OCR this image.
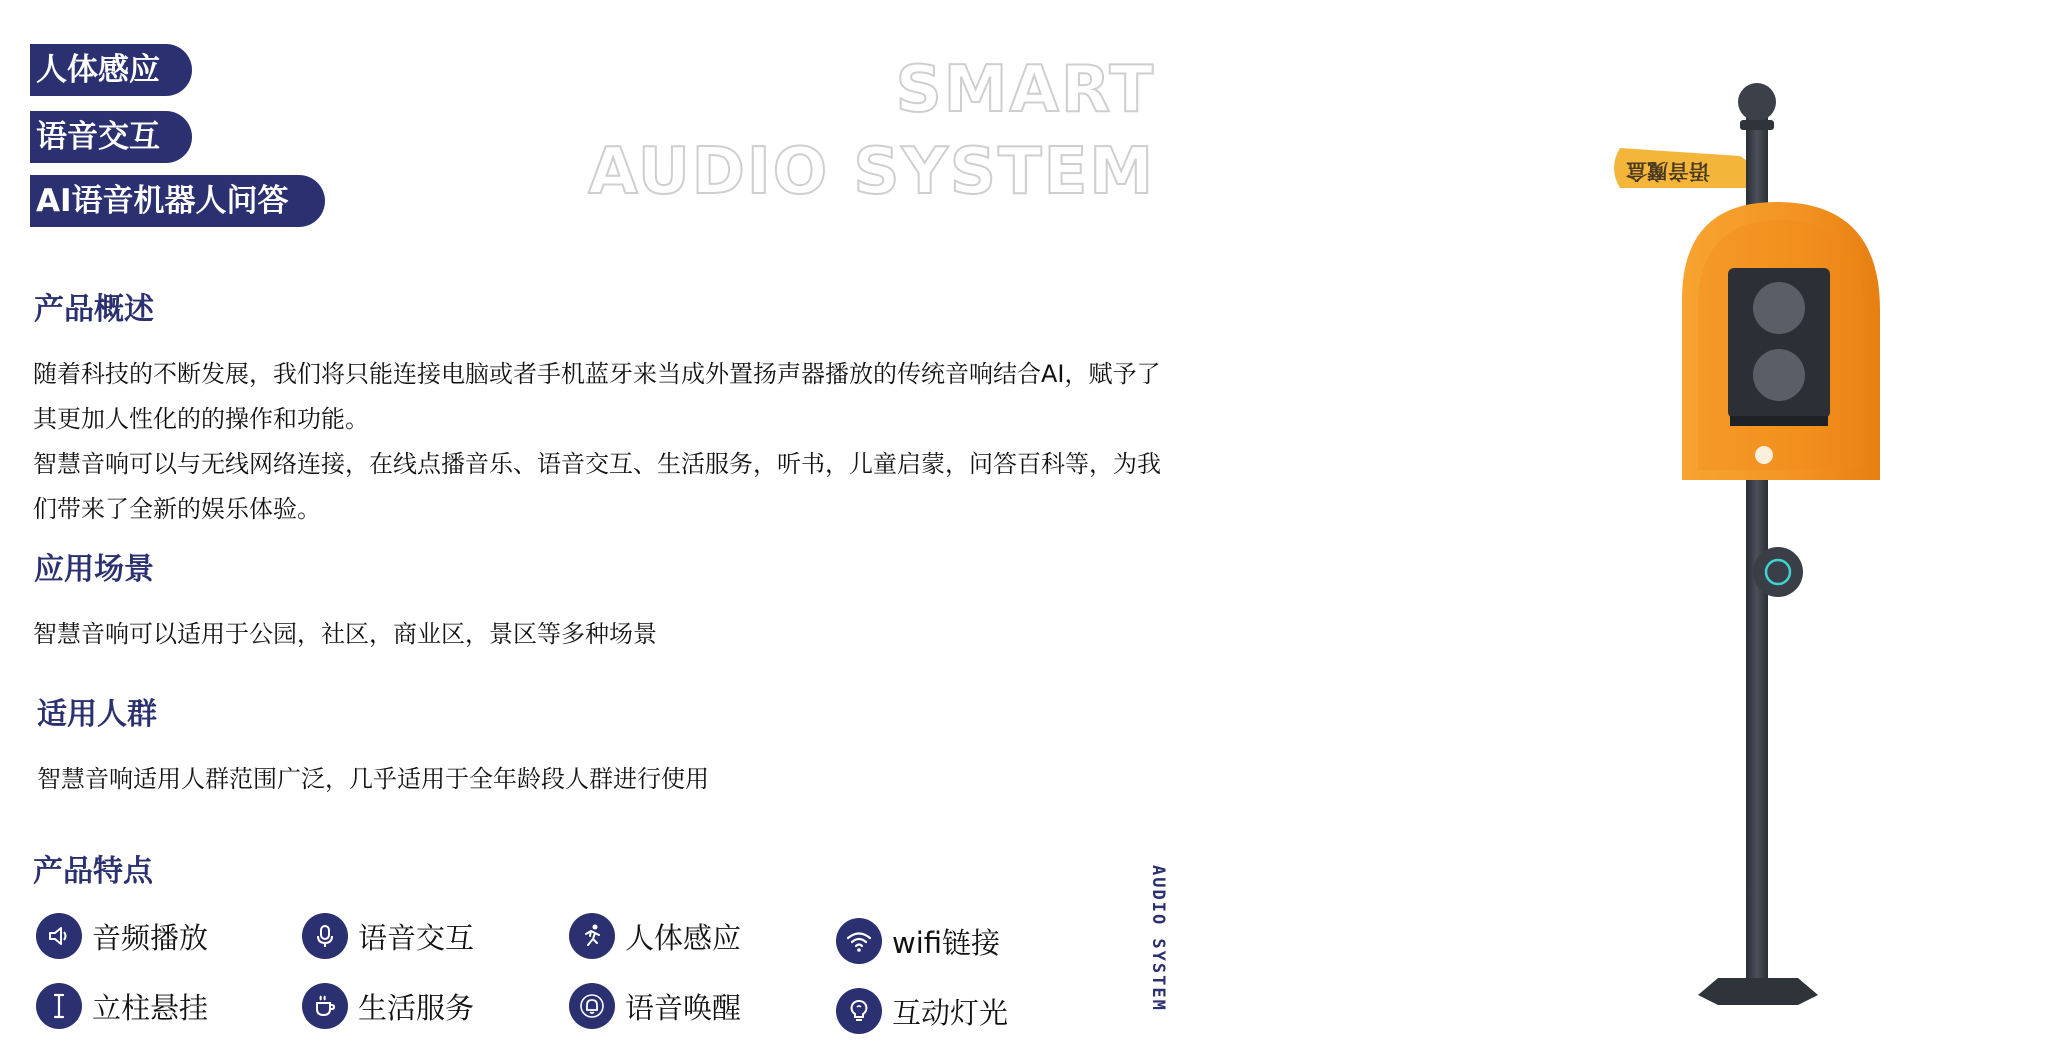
人体感应
语音交互
AI语音机器人问答
SMART
AUDIO SYSTEM
产品概述

随着科技的不断发展，我们将只能连接电脑或者手机蓝牙来当成外置扬声器播放的传统音响结合AI，赋予了其更加人性化的的操作和功能。

智慧音响可以与无线网络连接，在线点播音乐、语音交互、生活服务，听书，儿童启蒙，问答百科等，为我们带来了全新的娱乐体验。

应用场景
智慧音响可以适用于公园，社区，商业区，景区等多种场景
适用人群
智慧音响适用人群范围广泛，几乎适用于全年龄段人群进行使用
产品特点
音频播放	语音交互	人体感应	wifi链接
立柱悬挂	生活服务	语音唤醒	互动灯光
AUDIO SYSTEM
语音魔盒
